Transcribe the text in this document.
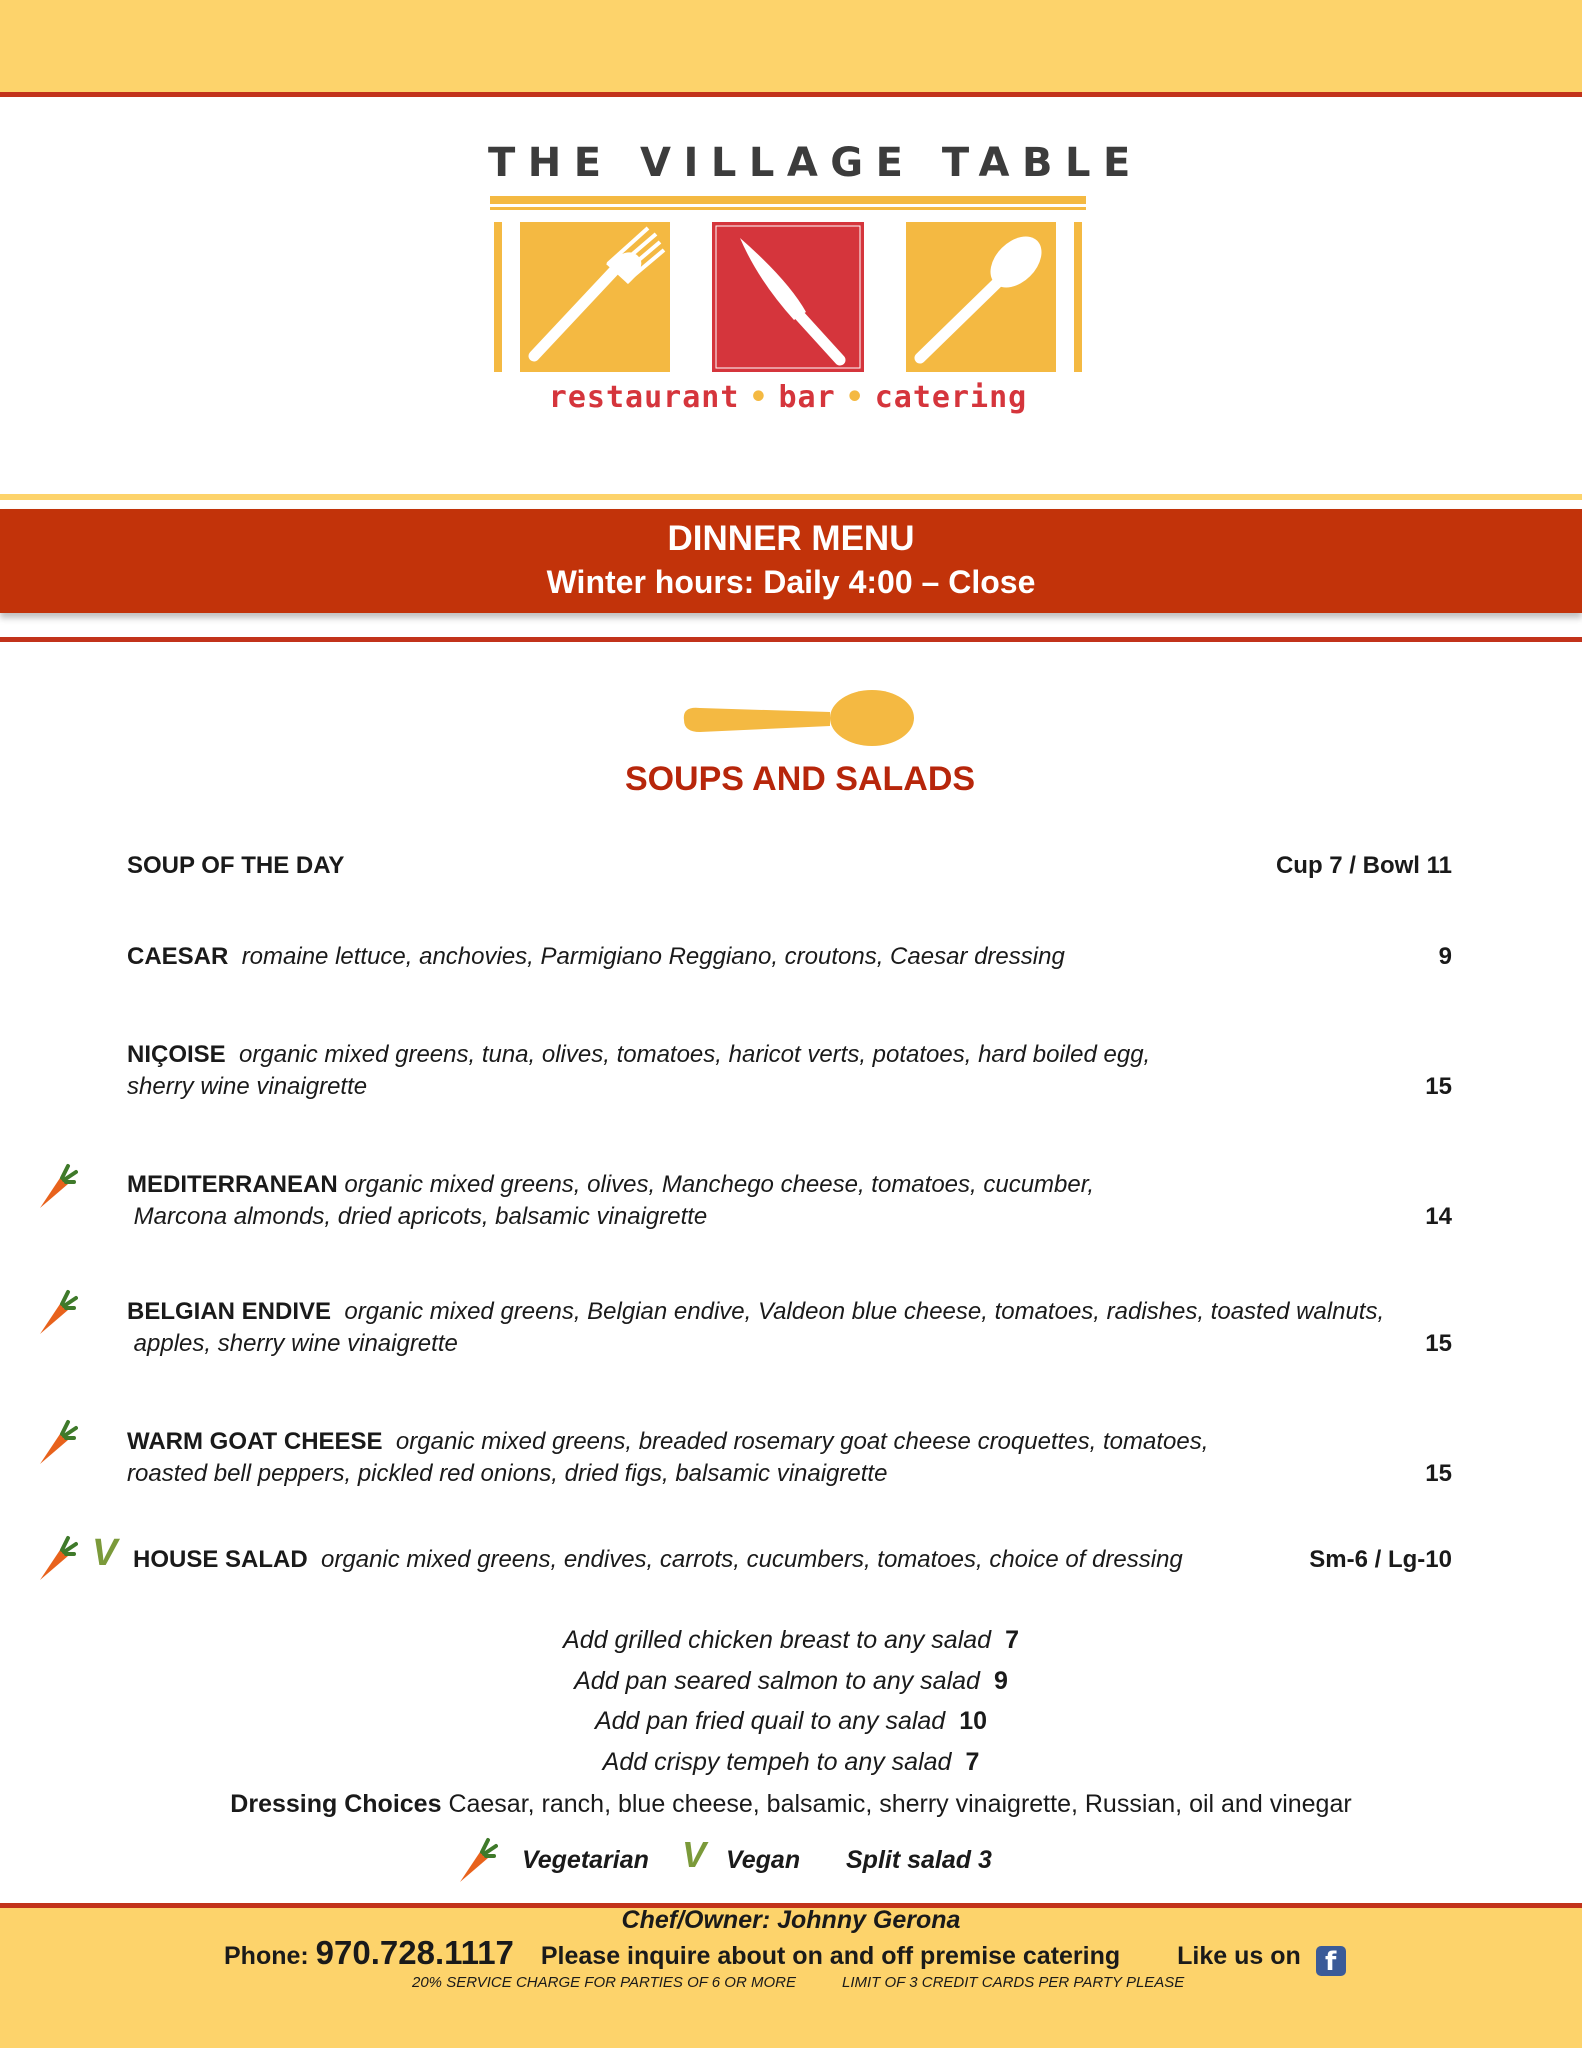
THE VILLAGE TABLE
restaurant • bar • catering
DINNER MENU
Winter hours: Daily 4:00 – Close
SOUPS AND SALADS
SOUP OF THE DAY	Cup 7 / Bowl 11
CAESAR romaine lettuce, anchovies, Parmigiano Reggiano, croutons, Caesar dressing	9
NIÇOISE organic mixed greens, tuna, olives, tomatoes, haricot verts, potatoes, hard boiled egg,
sherry wine vinaigrette	15
MEDITERRANEAN organic mixed greens, olives, Manchego cheese, tomatoes, cucumber,
Marcona almonds, dried apricots, balsamic vinaigrette	14
BELGIAN ENDIVE organic mixed greens, Belgian endive, Valdeon blue cheese, tomatoes, radishes, toasted walnuts,
apples, sherry wine vinaigrette	15
WARM GOAT CHEESE organic mixed greens, breaded rosemary goat cheese croquettes, tomatoes,
roasted bell peppers, pickled red onions, dried figs, balsamic vinaigrette	15
V HOUSE SALAD organic mixed greens, endives, carrots, cucumbers, tomatoes, choice of dressing	Sm-6 / Lg-10
Add grilled chicken breast to any salad 7
Add pan seared salmon to any salad 9
Add pan fried quail to any salad 10
Add crispy tempeh to any salad 7
Dressing Choices Caesar, ranch, blue cheese, balsamic, sherry vinaigrette, Russian, oil and vinegar
Vegetarian V Vegan Split salad 3
Chef/Owner: Johnny Gerona
Phone: 970.728.1117 Please inquire about on and off premise catering Like us on f
20% SERVICE CHARGE FOR PARTIES OF 6 OR MORE	LIMIT OF 3 CREDIT CARDS PER PARTY PLEASE
